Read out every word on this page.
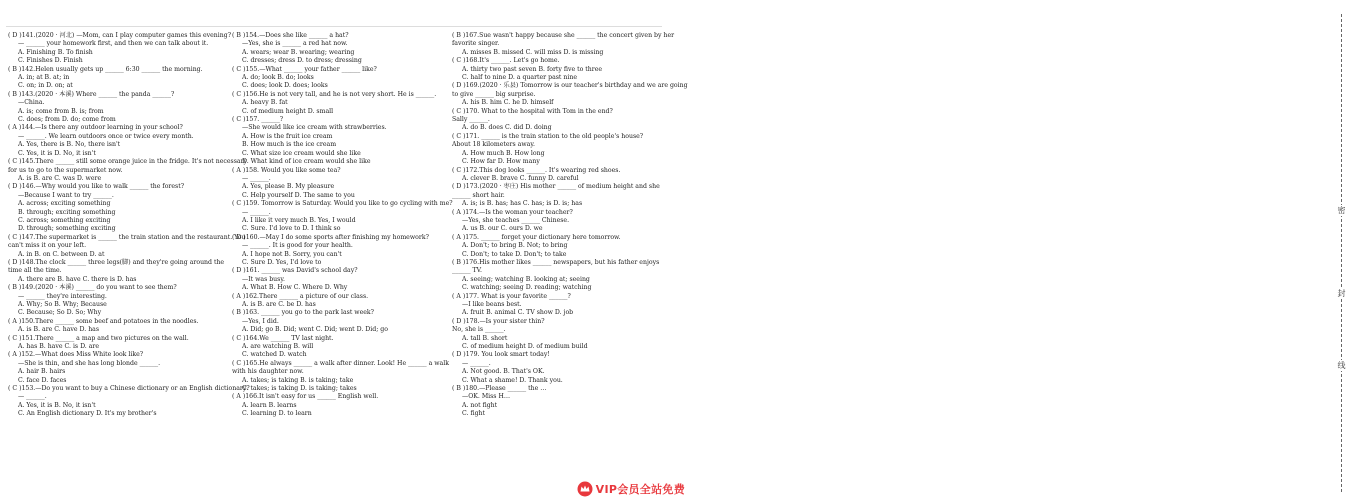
( D )141.(2020 · 河北) —Mom, can I play computer games this evening?
— ______ your homework first, and then we can talk about it.
A. Finishing B. To finish
C. Finishes D. Finish
( B )142.Helen usually gets up ______ 6:30 ______ the morning.
A. in; at B. at; in
C. on; in D. on; at
( B )143.(2020 · 本溪) Where ______ the panda ______?
—China.
A. is; come from B. is; from
C. does; from D. do; come from
( A )144.—Is there any outdoor learning in your school?
— ______. We learn outdoors once or twice every month.
A. Yes, there is B. No, there isn't
C. Yes, it is D. No, it isn't
( C )145.There ______ still some orange juice in the fridge. It's not necessary
for us to go to the supermarket now.
A. is B. are C. was D. were
( D )146.—Why would you like to walk ______ the forest?
—Because I want to try ______.
A. across; exciting something
B. through; exciting something
C. across; something exciting
D. through; something exciting
( C )147.The supermarket is ______ the train station and the restaurant. You
can't miss it on your left.
A. in B. on C. between D. at
( D )148.The clock ______ three legs(脚) and they're going around the
time all the time.
A. there are B. have C. there is D. has
( B )149.(2020 · 本溪) ______ do you want to see them?
— ______ they're interesting.
A. Why; So B. Why; Because
C. Because; So D. So; Why
( A )150.There ______ some beef and potatoes in the noodles.
A. is B. are C. have D. has
( C )151.There ______ a map and two pictures on the wall.
A. has B. have C. is D. are
( A )152.—What does Miss White look like?
—She is thin, and she has long blonde ______.
A. hair B. hairs
C. face D. faces
( C )153.—Do you want to buy a Chinese dictionary or an English dictionary?
— ______.
A. Yes, it is B. No, it isn't
C. An English dictionary D. It's my brother's
( B )154.—Does she like ______ a hat?
—Yes, she is ______ a red hat now.
A. wears; wear B. wearing; wearing
C. dresses; dress D. to dress; dressing
( C )155.—What ______ your father ______ like?
A. do; look B. do; looks
C. does; look D. does; looks
( C )156.He is not very tall, and he is not very short. He is ______.
A. heavy B. fat
C. of medium height D. small
( C )157. ______?
—She would like ice cream with strawberries.
A. How is the fruit ice cream
B. How much is the ice cream
C. What size ice cream would she like
D. What kind of ice cream would she like
( A )158. Would you like some tea?
— ______.
A. Yes, please B. My pleasure
C. Help yourself D. The same to you
( C )159. Tomorrow is Saturday. Would you like to go cycling with me?
— ______.
A. I like it very much B. Yes, I would
C. Sure. I'd love to D. I think so
( D )160.—May I do some sports after finishing my homework?
— ______. It is good for your health.
A. I hope not B. Sorry, you can't
C. Sure D. Yes, I'd love to
( D )161. ______ was David's school day?
—It was busy.
A. What B. How C. Where D. Why
( A )162.There ______ a picture of our class.
A. is B. are C. be D. has
( B )163. ______ you go to the park last week?
—Yes, I did.
A. Did; go B. Did; went C. Did; went D. Did; go
( C )164.We ______ TV last night.
A. are watching B. will
C. watched D. watch
( C )165.He always ______ a walk after dinner. Look! He ______ a walk
with his daughter now.
A. takes; is taking B. is taking; take
C. takes; is taking D. is taking; takes
( A )166.It isn't easy for us ______ English well.
A. learn B. learns
C. learning D. to learn
( B )167.Sue wasn't happy because she ______ the concert given by her
favorite singer.
A. misses B. missed C. will miss D. is missing
( C )168.It's ______. Let's go home.
A. thirty two past seven B. forty five to three
C. half to nine D. a quarter past nine
( D )169.(2020 · 乐县) Tomorrow is our teacher's birthday and we are going
to give ______ big surprise.
A. his B. him C. he D. himself
( C )170. What to the hospital with Tom in the end?
Sally ______.
A. do B. does C. did D. doing
( C )171. ______ is the train station to the old people's house?
About 18 kilometers away.
A. How much B. How long
C. How far D. How many
( C )172.This dog looks ______. It's wearing red shoes.
A. clever B. brave C. funny D. careful
( D )173.(2020 · 枣庄) His mother ______ of medium height and she
______ short hair.
A. is; is B. has; has C. has; is D. is; has
( A )174.—Is the woman your teacher?
—Yes, she teaches ______ Chinese.
A. us B. our C. ours D. we
( A )175. ______ forget your dictionary here tomorrow.
A. Don't; to bring B. Not; to bring
C. Don't; to take D. Don't; to take
( B )176.His mother likes ______ newspapers, but his father enjoys
______ TV.
A. seeing; watching B. looking at; seeing
C. watching; seeing D. reading; watching
( A )177. What is your favorite ______?
—I like beans best.
A. fruit B. animal C. TV show D. job
( D )178.—Is your sister thin?
No, she is ______.
A. tall B. short
C. of medium height D. of medium build
( D )179. You look smart today!
— ______.
A. Not good. B. That's OK.
C. What a shame! D. Thank you.
( B )180.—Please ______ the …
—OK. Miss H…
A. not fight
C. fight
密
封
线
VIP会员全站免费
